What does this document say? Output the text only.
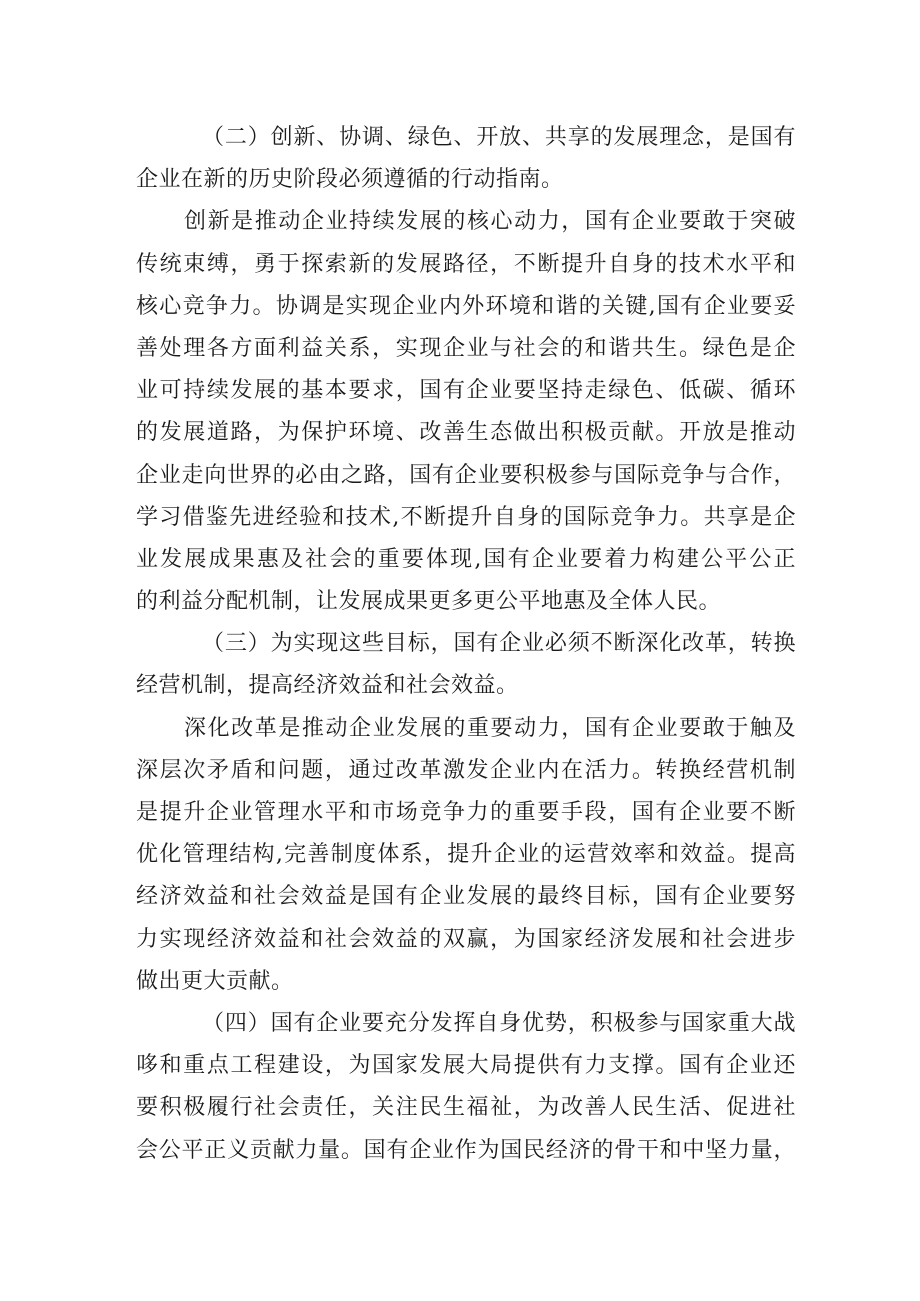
（二）创新、协调、绿色、开放、共享的发展理念，是国有
企业在新的历史阶段必须遵循的行动指南。
创新是推动企业持续发展的核心动力，国有企业要敢于突破
传统束缚，勇于探索新的发展路径，不断提升自身的技术水平和
核心竞争力。协调是实现企业内外环境和谐的关键,国有企业要妥
善处理各方面利益关系，实现企业与社会的和谐共生。绿色是企
业可持续发展的基本要求，国有企业要坚持走绿色、低碳、循环
的发展道路，为保护环境、改善生态做出积极贡献。开放是推动
企业走向世界的必由之路，国有企业要积极参与国际竞争与合作，
学习借鉴先进经验和技术,不断提升自身的国际竞争力。共享是企
业发展成果惠及社会的重要体现,国有企业要着力构建公平公正
的利益分配机制，让发展成果更多更公平地惠及全体人民。
（三）为实现这些目标，国有企业必须不断深化改革，转换
经营机制，提高经济效益和社会效益。
深化改革是推动企业发展的重要动力，国有企业要敢于触及
深层次矛盾和问题，通过改革激发企业内在活力。转换经营机制
是提升企业管理水平和市场竞争力的重要手段，国有企业要不断
优化管理结构,完善制度体系，提升企业的运营效率和效益。提高
经济效益和社会效益是国有企业发展的最终目标，国有企业要努
力实现经济效益和社会效益的双赢，为国家经济发展和社会进步
做出更大贡献。
（四）国有企业要充分发挥自身优势，积极参与国家重大战
哆和重点工程建设，为国家发展大局提供有力支撑。国有企业还
要积极履行社会责任，关注民生福祉，为改善人民生活、促进社
会公平正义贡献力量。国有企业作为国民经济的骨干和中坚力量，
